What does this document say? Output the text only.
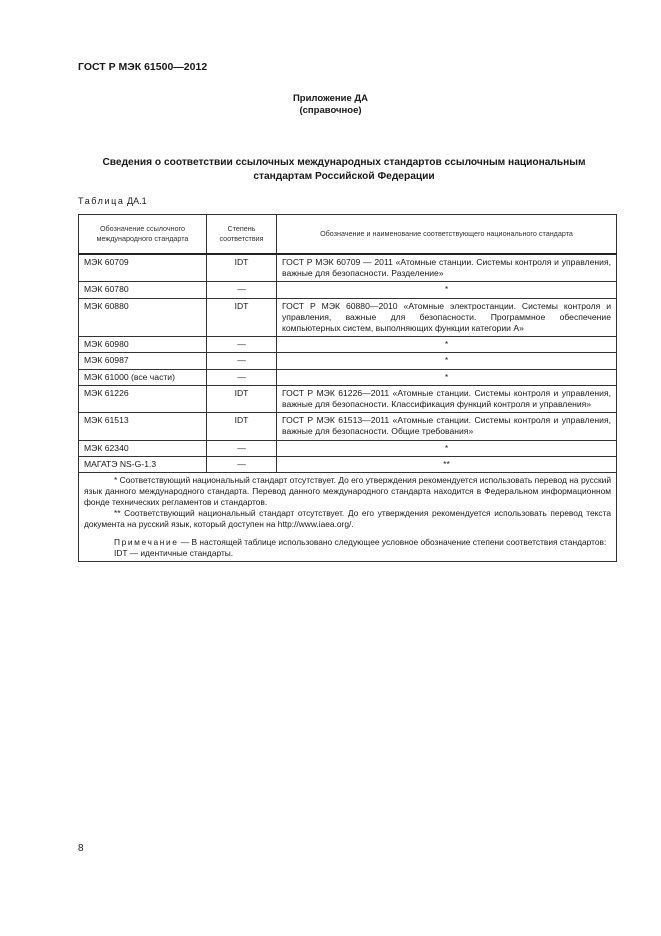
ГОСТ Р МЭК 61500—2012
Приложение ДА
(справочное)
Сведения о соответствии ссылочных международных стандартов ссылочным национальным стандартам Российской Федерации
Таблица ДА.1
Обозначение ссылочного международного стандарта	Степень соответствия	Обозначение и наименование соответствующего национального стандарта
МЭК 60709	IDT	ГОСТ Р МЭК 60709 — 2011 «Атомные станции. Системы контроля и управления, важные для безопасности. Разделение»
МЭК 60780	—	*
МЭК 60880	IDT	ГОСТ Р МЭК 60880—2010 «Атомные электростанции. Системы контроля и управления, важные для безопасности. Программное обеспечение компьютерных систем, выполняющих функции категории А»
МЭК 60980	—	*
МЭК 60987	—	*
МЭК 61000 (все части)	—	*
МЭК 61226	IDT	ГОСТ Р МЭК 61226—2011 «Атомные станции. Системы контроля и управления, важные для безопасности. Классификация функций контроля и управления»
МЭК 61513	IDT	ГОСТ Р МЭК 61513—2011 «Атомные станции. Системы контроля и управления, важные для безопасности. Общие требования»
МЭК 62340	—	*
МАГАТЭ NS-G-1.3	—	**

* Соответствующий национальный стандарт отсутствует. До его утверждения рекомендуется использовать перевод на русский язык данного международного стандарта. Перевод данного международного стандарта находится в Федеральном информационном фонде технических регламентов и стандартов.

** Соответствующий национальный стандарт отсутствует. До его утверждения рекомендуется использовать перевод текста документа на русский язык, который доступен на http://www.iaea.org/.

Примечание — В настоящей таблице использовано следующее условное обозначение степени соответствия стандартов:

IDT — идентичные стандарты.		

8
